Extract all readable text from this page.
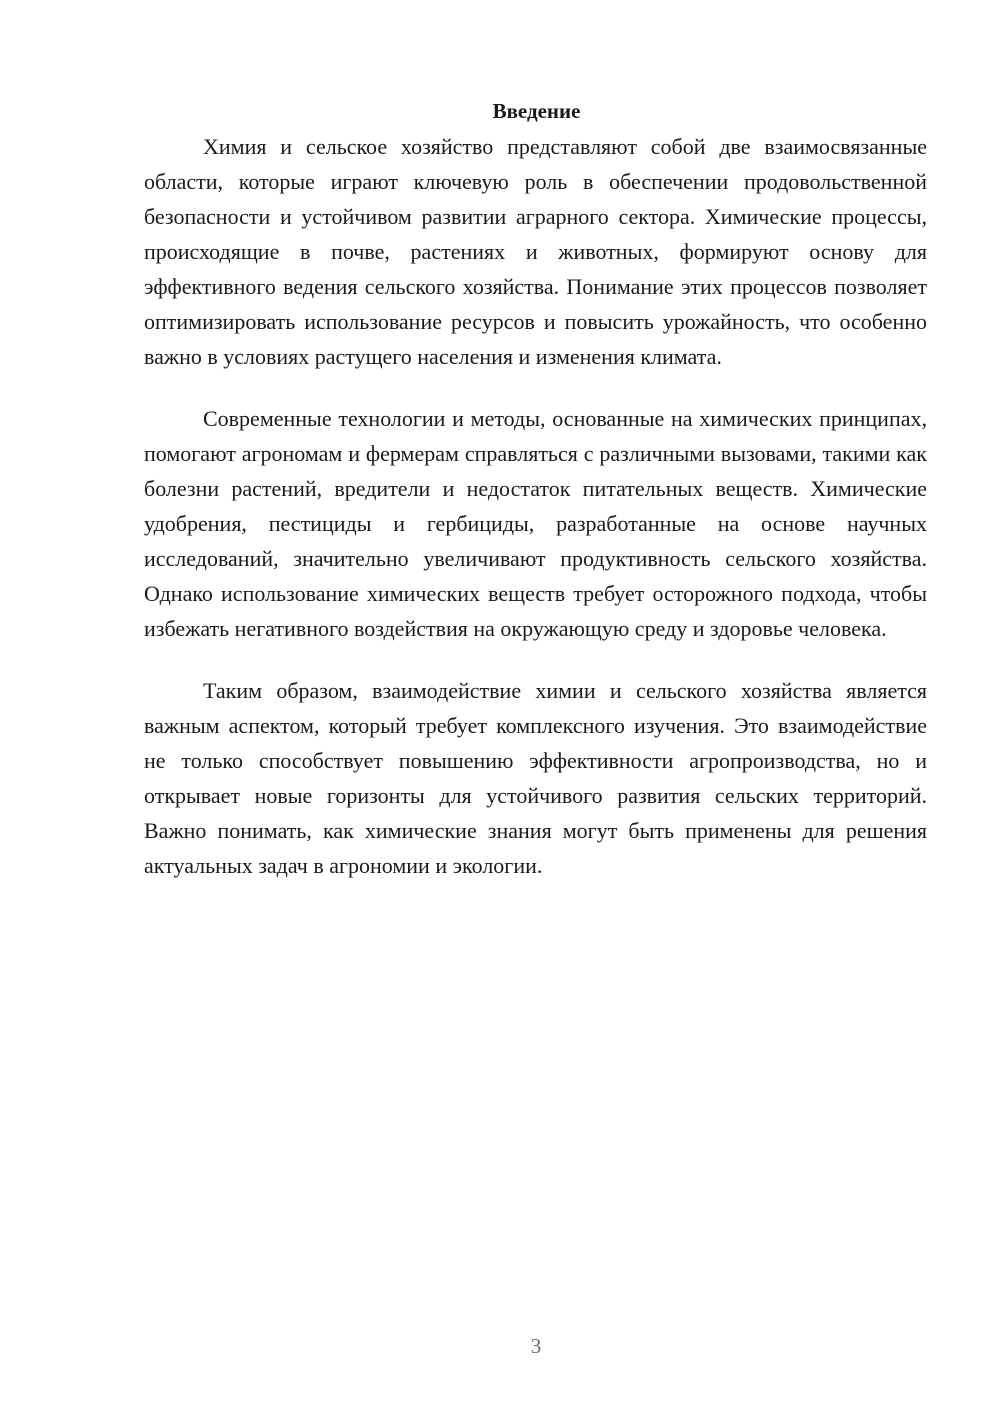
Введение

Химия и сельское хозяйство представляют собой две взаимосвязанные области, которые играют ключевую роль в обеспечении продовольственной безопасности и устойчивом развитии аграрного сектора. Химические процессы, происходящие в почве, растениях и животных, формируют основу для эффективного ведения сельского хозяйства. Понимание этих процессов позволяет оптимизировать использование ресурсов и повысить урожайность, что особенно важно в условиях растущего населения и изменения климата.

Современные технологии и методы, основанные на химических принципах, помогают агрономам и фермерам справляться с различными вызовами, такими как болезни растений, вредители и недостаток питательных веществ. Химические удобрения, пестициды и гербициды, разработанные на основе научных исследований, значительно увеличивают продуктивность сельского хозяйства. Однако использование химических веществ требует осторожного подхода, чтобы избежать негативного воздействия на окружающую среду и здоровье человека.

Таким образом, взаимодействие химии и сельского хозяйства является важным аспектом, который требует комплексного изучения. Это взаимодействие не только способствует повышению эффективности агропроизводства, но и открывает новые горизонты для устойчивого развития сельских территорий. Важно понимать, как химические знания могут быть применены для решения актуальных задач в агрономии и экологии.

3
